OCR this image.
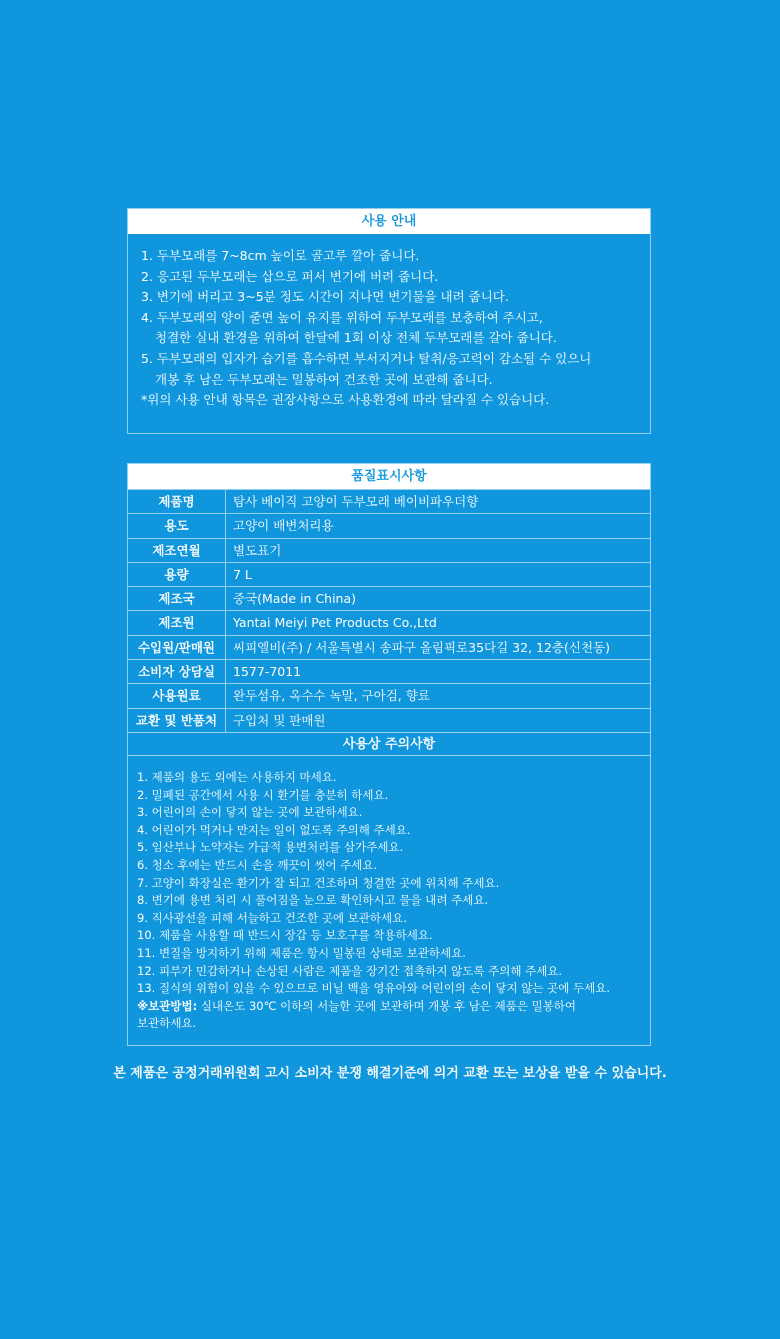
사용 안내
1. 두부모래를 7~8cm 높이로 골고루 깔아 줍니다.
2. 응고된 두부모래는 삽으로 퍼서 변기에 버려 줍니다.
3. 변기에 버리고 3~5분 정도 시간이 지나면 변기물을 내려 줍니다.
4. 두부모래의 양이 줄면 높이 유지를 위하여 두부모래를 보충하여 주시고,
청결한 실내 환경을 위하여 한달에 1회 이상 전체 두부모래를 갈아 줍니다.
5. 두부모래의 입자가 습기를 흡수하면 부서지거나 탈취/응고력이 감소될 수 있으니
개봉 후 남은 두부모래는 밀봉하여 건조한 곳에 보관해 줍니다.
*위의 사용 안내 항목은 권장사항으로 사용환경에 따라 달라질 수 있습니다.
품질표시사항
제품명	탐사 베이직 고양이 두부모래 베이비파우더향
용도	고양이 배변처리용
제조연월	별도표기
용량	7 L
제조국	중국(Made in China)
제조원	Yantai Meiyi Pet Products Co.,Ltd
수입원/판매원	씨피엘비(주) / 서울특별시 송파구 올림픽로35다길 32, 12층(신천동)
소비자 상담실	1577-7011
사용원료	완두섬유, 옥수수 녹말, 구아검, 향료
교환 및 반품처	구입처 및 판매원
사용상 주의사항
1. 제품의 용도 외에는 사용하지 마세요.
2. 밀폐된 공간에서 사용 시 환기를 충분히 하세요.
3. 어린이의 손이 닿지 않는 곳에 보관하세요.
4. 어린이가 먹거나 만지는 일이 없도록 주의해 주세요.
5. 임산부나 노약자는 가급적 용변처리를 삼가주세요.
6. 청소 후에는 반드시 손을 깨끗이 씻어 주세요.
7. 고양이 화장실은 환기가 잘 되고 건조하며 청결한 곳에 위치해 주세요.
8. 변기에 용변 처리 시 풀어짐을 눈으로 확인하시고 물을 내려 주세요.
9. 직사광선을 피해 서늘하고 건조한 곳에 보관하세요.
10. 제품을 사용할 때 반드시 장갑 등 보호구를 착용하세요.
11. 변질을 방지하기 위해 제품은 항시 밀봉된 상태로 보관하세요.
12. 피부가 민감하거나 손상된 사람은 제품을 장기간 접촉하지 않도록 주의해 주세요.
13. 질식의 위험이 있을 수 있으므로 비닐 백을 영유아와 어린이의 손이 닿지 않는 곳에 두세요.
※보관방법: 실내온도 30℃ 이하의 서늘한 곳에 보관하며 개봉 후 남은 제품은 밀봉하여
보관하세요.
본 제품은 공정거래위원회 고시 소비자 분쟁 해결기준에 의거 교환 또는 보상을 받을 수 있습니다.
